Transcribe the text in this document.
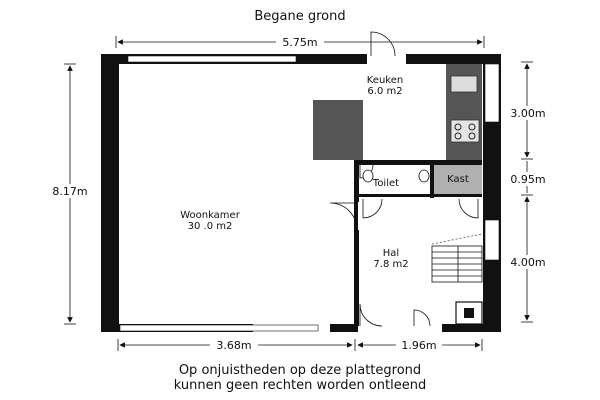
Begane grond
Keuken
6.0 m2
Woonkamer
30 .0 m2
Hal
7.8 m2
Toilet	Kast
5.75m
8.17m
3.68m	1.96m
3.00m
0.95m
4.00m
Op onjuistheden op deze plattegrond
kunnen geen rechten worden ontleend
